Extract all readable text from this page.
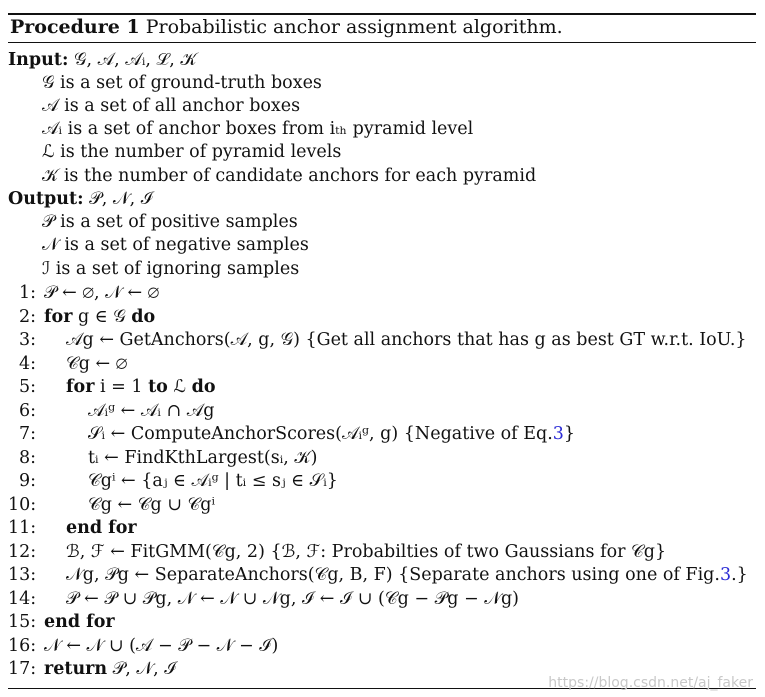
Procedure 1 Probabilistic anchor assignment algorithm.
Input: 𝒢, 𝒜, 𝒜ᵢ, ℒ, 𝒦
𝒢 is a set of ground-truth boxes
𝒜 is a set of all anchor boxes
𝒜ᵢ is a set of anchor boxes from iₜₕ pyramid level
ℒ is the number of pyramid levels
𝒦 is the number of candidate anchors for each pyramid
Output: 𝒫, 𝒩, ℐ
𝒫 is a set of positive samples
𝒩 is a set of negative samples
ℐ is a set of ignoring samples
1: 𝒫 ← ∅, 𝒩 ← ∅
2: for g ∈ 𝒢 do
3: 𝒜g ← GetAnchors(𝒜, g, 𝒢) {Get all anchors that has g as best GT w.r.t. IoU.}
4: 𝒞g ← ∅
5: for i = 1 to ℒ do
6:	𝒜ᵢᵍ ← 𝒜ᵢ ∩ 𝒜g
7:	𝒮ᵢ ← ComputeAnchorScores(𝒜ᵢᵍ, g) {Negative of Eq.3}
8:	tᵢ ← FindKthLargest(sᵢ, 𝒦)
9:	𝒞gⁱ ← {aⱼ ∈ 𝒜ᵢᵍ | tᵢ ≤ sⱼ ∈ 𝒮ᵢ}
10:	𝒞g ← 𝒞g ∪ 𝒞gⁱ
11: end for
12: ℬ, ℱ ← FitGMM(𝒞g, 2) {ℬ, ℱ: Probabilties of two Gaussians for 𝒞g}
13: 𝒩g, 𝒫g ← SeparateAnchors(𝒞g, B, F) {Separate anchors using one of Fig.3.}
14: 𝒫 ← 𝒫 ∪ 𝒫g, 𝒩 ← 𝒩 ∪ 𝒩g, ℐ ← ℐ ∪ (𝒞g − 𝒫g − 𝒩g)
15: end for
16: 𝒩 ← 𝒩 ∪ (𝒜 − 𝒫 − 𝒩 − ℐ)
17: return 𝒫, 𝒩, ℐ
https://blog.csdn.net/aj_faker
